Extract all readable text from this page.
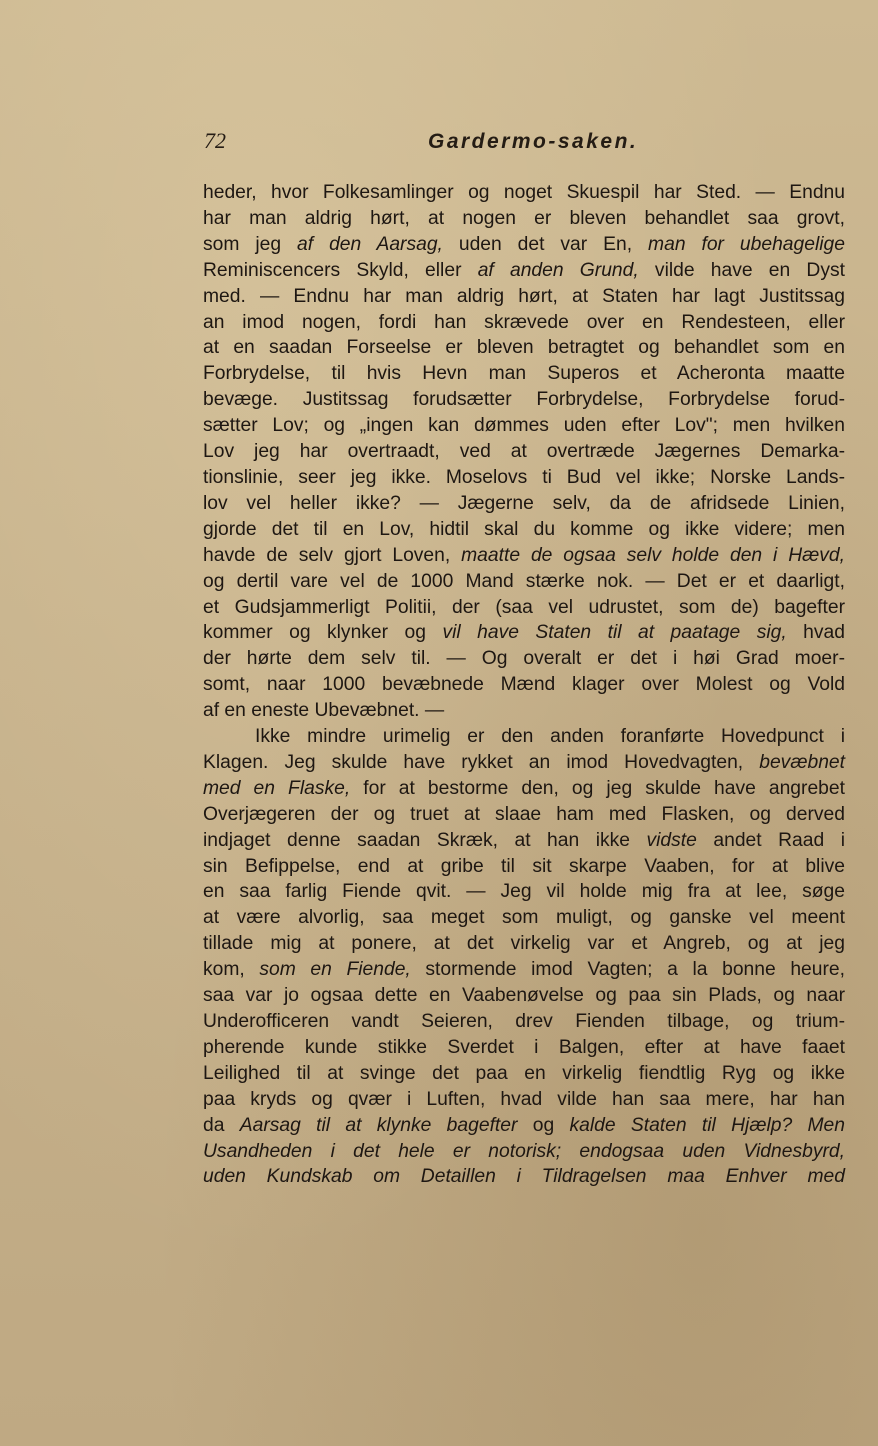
72	Gardermo-saken.
heder, hvor Folkesamlinger og noget Skuespil har Sted. — Endnu
har man aldrig hørt, at nogen er bleven behandlet saa grovt,
som jeg af den Aarsag, uden det var En, man for ubehagelige
Reminiscencers Skyld, eller af anden Grund, vilde have en Dyst
med. — Endnu har man aldrig hørt, at Staten har lagt Justitssag
an imod nogen, fordi han skrævede over en Rendesteen, eller
at en saadan Forseelse er bleven betragtet og behandlet som en
Forbrydelse, til hvis Hevn man Superos et Acheronta maatte
bevæge. Justitssag forudsætter Forbrydelse, Forbrydelse forud-
sætter Lov; og „ingen kan dømmes uden efter Lov"; men hvilken
Lov jeg har overtraadt, ved at overtræde Jægernes Demarka-
tionslinie, seer jeg ikke. Moselovs ti Bud vel ikke; Norske Lands-
lov vel heller ikke? — Jægerne selv, da de afridsede Linien,
gjorde det til en Lov, hidtil skal du komme og ikke videre; men
havde de selv gjort Loven, maatte de ogsaa selv holde den i Hævd,
og dertil vare vel de 1000 Mand stærke nok. — Det er et daarligt,
et Gudsjammerligt Politii, der (saa vel udrustet, som de) bagefter
kommer og klynker og vil have Staten til at paatage sig, hvad
der hørte dem selv til. — Og overalt er det i høi Grad moer-
somt, naar 1000 bevæbnede Mænd klager over Molest og Vold
af en eneste Ubevæbnet. —
Ikke mindre urimelig er den anden foranførte Hovedpunct i
Klagen. Jeg skulde have rykket an imod Hovedvagten, bevæbnet
med en Flaske, for at bestorme den, og jeg skulde have angrebet
Overjægeren der og truet at slaae ham med Flasken, og derved
indjaget denne saadan Skræk, at han ikke vidste andet Raad i
sin Befippelse, end at gribe til sit skarpe Vaaben, for at blive
en saa farlig Fiende qvit. — Jeg vil holde mig fra at lee, søge
at være alvorlig, saa meget som muligt, og ganske vel meent
tillade mig at ponere, at det virkelig var et Angreb, og at jeg
kom, som en Fiende, stormende imod Vagten; a la bonne heure,
saa var jo ogsaa dette en Vaabenøvelse og paa sin Plads, og naar
Underofficeren vandt Seieren, drev Fienden tilbage, og trium-
pherende kunde stikke Sverdet i Balgen, efter at have faaet
Leilighed til at svinge det paa en virkelig fiendtlig Ryg og ikke
paa kryds og qvær i Luften, hvad vilde han saa mere, har han
da Aarsag til at klynke bagefter og kalde Staten til Hjælp? Men
Usandheden i det hele er notorisk; endogsaa uden Vidnesbyrd,
uden Kundskab om Detaillen i Tildragelsen maa Enhver med
